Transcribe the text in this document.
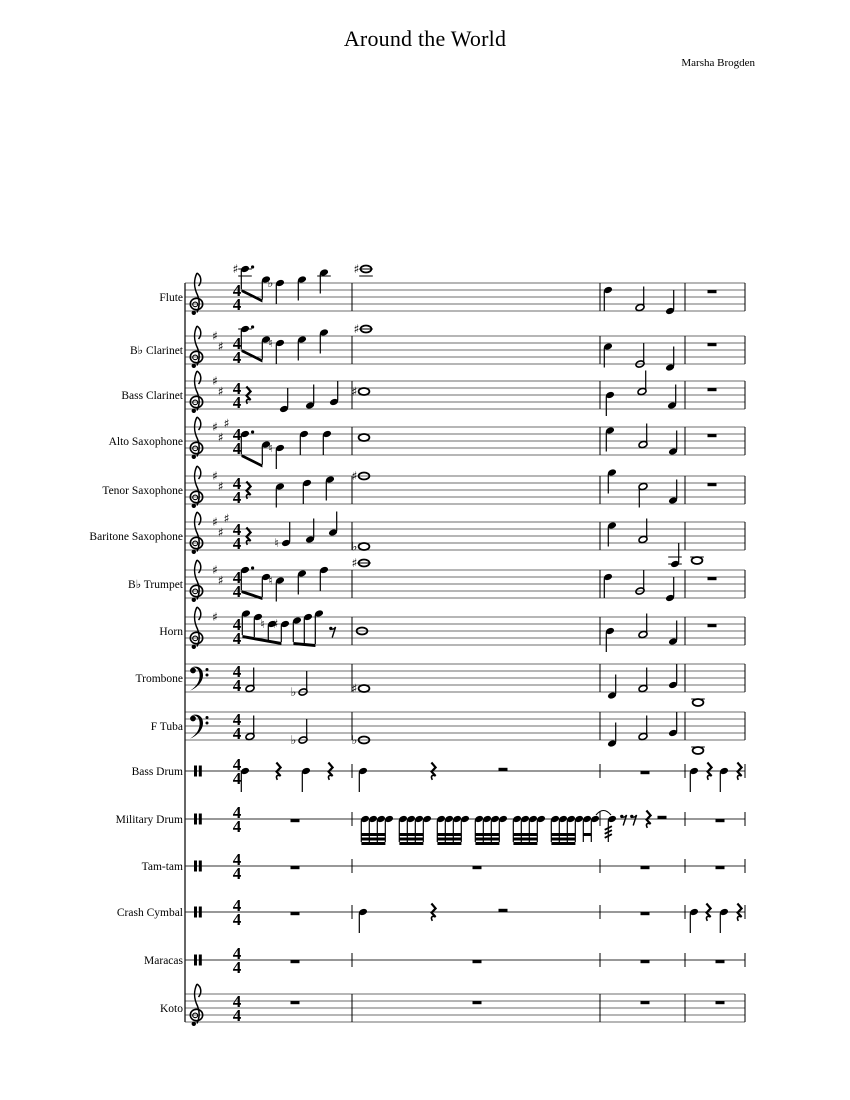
Around the World
Marsha Brogden
Flute	4
4
♯
♭
♯
B♭ Clarinet
♯
♯ 4
4
♮
♯
Bass Clarinet
♯
♯ 4
4
♯
Alto Saxophone
♯
♯
♯
4
4 ♮
Tenor Saxophone
♯
♯ 4
4
♯
Baritone Saxophone
♯
♯
♯
4
4	♮	♭
B♭ Trumpet
♯
♯ 4
4
♮
♯
Horn
♯ 4
4
♮ ♯
Trombone	4
4	♭	♯
F Tuba	4
4	♭	♭
Bass Drum	4
4
Military Drum	4
4
Tam-tam	4
4
Crash Cymbal	4
4
Maracas	4
4
Koto	4
4
